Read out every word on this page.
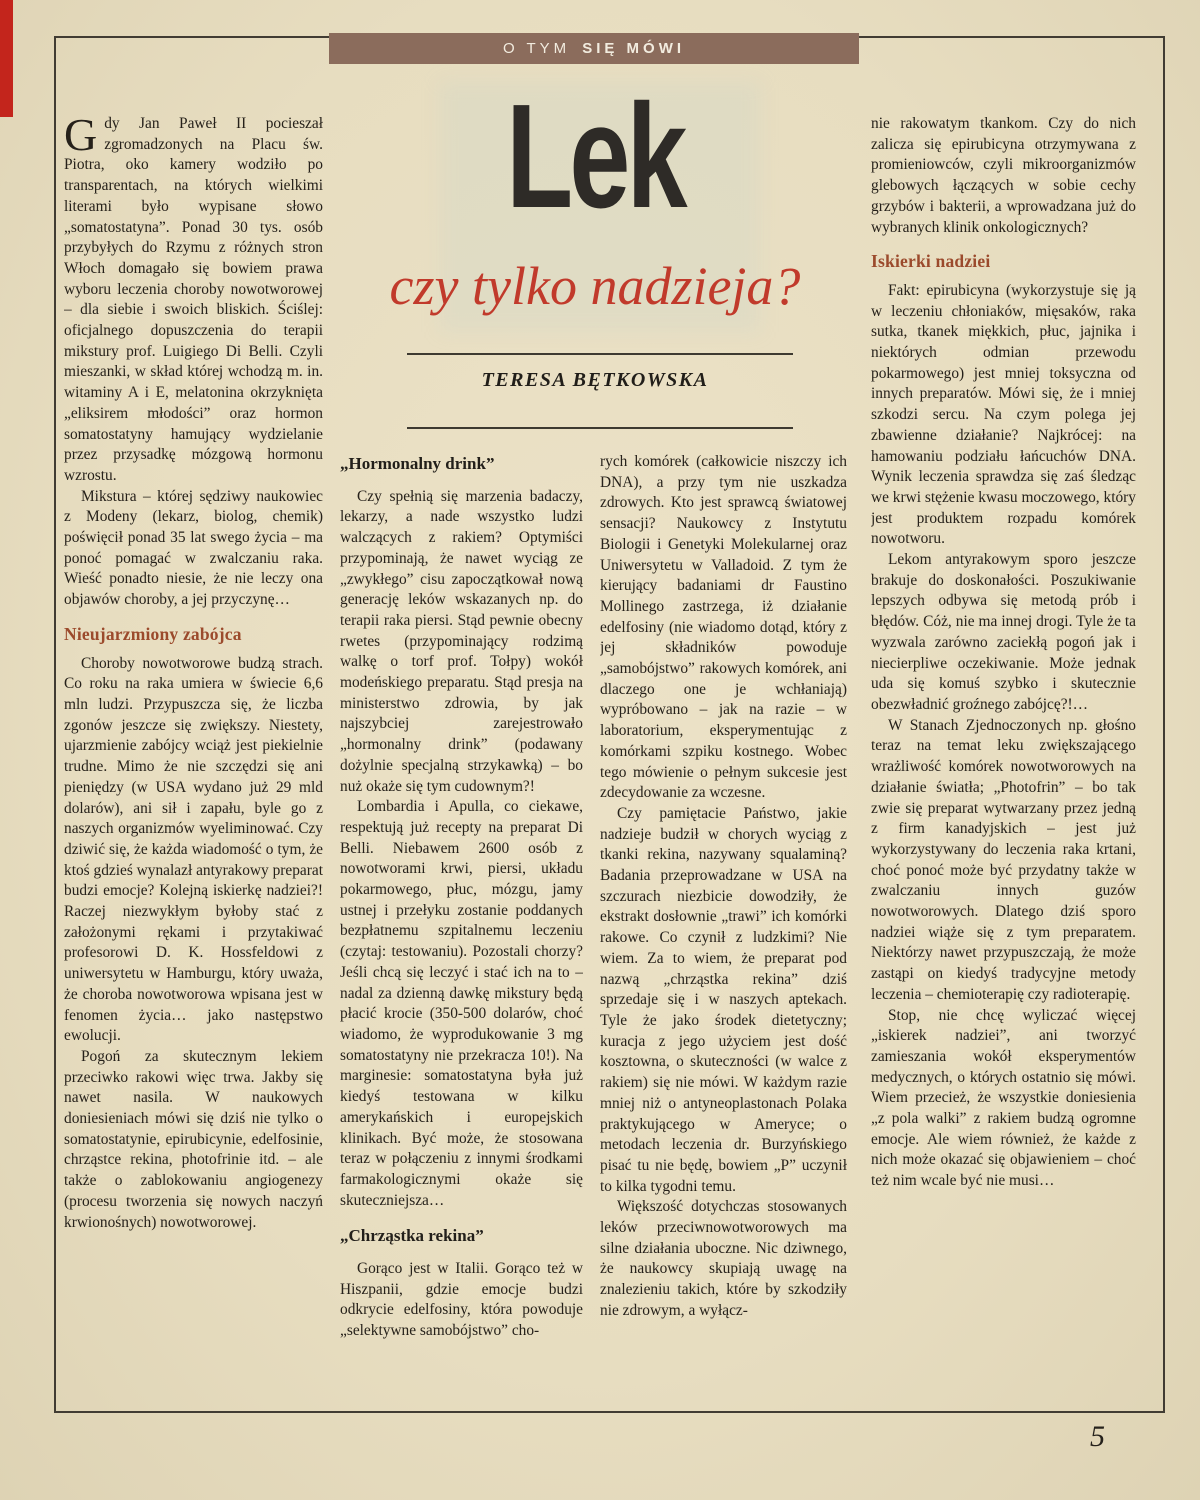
O TYM SIĘ MÓWI
Lek
czy tylko nadzieja?
TERESA BĘTKOWSKA

Gdy Jan Paweł II pocieszał zgromadzonych na Placu św. Piotra, oko kamery wodziło po transparentach, na których wielkimi literami było wypisane słowo „somatostatyna”. Ponad 30 tys. osób przybyłych do Rzymu z różnych stron Włoch domagało się bowiem prawa wyboru leczenia choroby nowotworowej – dla siebie i swoich bliskich. Ściślej: oficjalnego dopuszczenia do terapii mikstury prof. Luigiego Di Belli. Czyli mieszanki, w skład której wchodzą m. in. witaminy A i E, melatonina okrzyknięta „eliksirem młodości” oraz hormon somatostatyny hamujący wydzielanie przez przysadkę mózgową hormonu wzrostu.

Mikstura – której sędziwy naukowiec z Modeny (lekarz, biolog, chemik) poświęcił ponad 35 lat swego życia – ma ponoć pomagać w zwalczaniu raka. Wieść ponadto niesie, że nie leczy ona objawów choroby, a jej przyczynę…

Nieujarzmiony zabójca

Choroby nowotworowe budzą strach. Co roku na raka umiera w świecie 6,6 mln ludzi. Przypuszcza się, że liczba zgonów jeszcze się zwiększy. Niestety, ujarzmienie zabójcy wciąż jest piekielnie trudne. Mimo że nie szczędzi się ani pieniędzy (w USA wydano już 29 mld dolarów), ani sił i zapału, byle go z naszych organizmów wyeliminować. Czy dziwić się, że każda wiadomość o tym, że ktoś gdzieś wynalazł antyrakowy preparat budzi emocje? Kolejną iskierkę nadziei?! Raczej niezwykłym byłoby stać z założonymi rękami i przytakiwać profesorowi D. K. Hossfeldowi z uniwersytetu w Hamburgu, który uważa, że choroba nowotworowa wpisana jest w fenomen życia… jako następstwo ewolucji.

Pogoń za skutecznym lekiem przeciwko rakowi więc trwa. Jakby się nawet nasila. W naukowych doniesieniach mówi się dziś nie tylko o somatostatynie, epirubicynie, edelfosinie, chrząstce rekina, photofrinie itd. – ale także o zablokowaniu angiogenezy (procesu tworzenia się nowych naczyń krwionośnych) nowotworowej.

„Hormonalny drink”

Czy spełnią się marzenia badaczy, lekarzy, a nade wszystko ludzi walczących z rakiem? Optymiści przypominają, że nawet wyciąg ze „zwykłego” cisu zapoczątkował nową generację leków wskazanych np. do terapii raka piersi. Stąd pewnie obecny rwetes (przypominający rodzimą walkę o torf prof. Tołpy) wokół modeńskiego preparatu. Stąd presja na ministerstwo zdrowia, by jak najszybciej zarejestrowało „hormonalny drink” (podawany dożylnie specjalną strzykawką) – bo nuż okaże się tym cudownym?!

Lombardia i Apulla, co ciekawe, respektują już recepty na preparat Di Belli. Niebawem 2600 osób z nowotworami krwi, piersi, układu pokarmowego, płuc, mózgu, jamy ustnej i przełyku zostanie poddanych bezpłatnemu szpitalnemu leczeniu (czytaj: testowaniu). Pozostali chorzy? Jeśli chcą się leczyć i stać ich na to – nadal za dzienną dawkę mikstury będą płacić krocie (350-500 dolarów, choć wiadomo, że wyprodukowanie 3 mg somatostatyny nie przekracza 10!). Na marginesie: somatostatyna była już kiedyś testowana w kilku amerykańskich i europejskich klinikach. Być może, że stosowana teraz w połączeniu z innymi środkami farmakologicznymi okaże się skuteczniejsza…

„Chrząstka rekina”

Gorąco jest w Italii. Gorąco też w Hiszpanii, gdzie emocje budzi odkrycie edelfosiny, która powoduje „selektywne samobójstwo” cho-

rych komórek (całkowicie niszczy ich DNA), a przy tym nie uszkadza zdrowych. Kto jest sprawcą światowej sensacji? Naukowcy z Instytutu Biologii i Genetyki Molekularnej oraz Uniwersytetu w Valladoid. Z tym że kierujący badaniami dr Faustino Mollinego zastrzega, iż działanie edelfosiny (nie wiadomo dotąd, który z jej składników powoduje „samobójstwo” rakowych komórek, ani dlaczego one je wchłaniają) wypróbowano – jak na razie – w laboratorium, eksperymentując z komórkami szpiku kostnego. Wobec tego mówienie o pełnym sukcesie jest zdecydowanie za wczesne.

Czy pamiętacie Państwo, jakie nadzieje budził w chorych wyciąg z tkanki rekina, nazywany squalaminą? Badania przeprowadzane w USA na szczurach niezbicie dowodziły, że ekstrakt dosłownie „trawi” ich komórki rakowe. Co czynił z ludzkimi? Nie wiem. Za to wiem, że preparat pod nazwą „chrząstka rekina” dziś sprzedaje się i w naszych aptekach. Tyle że jako środek dietetyczny; kuracja z jego użyciem jest dość kosztowna, o skuteczności (w walce z rakiem) się nie mówi. W każdym razie mniej niż o antyneoplastonach Polaka praktykującego w Ameryce; o metodach leczenia dr. Burzyńskiego pisać tu nie będę, bowiem „P” uczynił to kilka tygodni temu.

Większość dotychczas stosowanych leków przeciwnowotworowych ma silne działania uboczne. Nic dziwnego, że naukowcy skupiają uwagę na znalezieniu takich, które by szkodziły nie zdrowym, a wyłącz-

nie rakowatym tkankom. Czy do nich zalicza się epirubicyna otrzymywana z promieniowców, czyli mikroorganizmów glebowych łączących w sobie cechy grzybów i bakterii, a wprowadzana już do wybranych klinik onkologicznych?

Iskierki nadziei

Fakt: epirubicyna (wykorzystuje się ją w leczeniu chłoniaków, mięsaków, raka sutka, tkanek miękkich, płuc, jajnika i niektórych odmian przewodu pokarmowego) jest mniej toksyczna od innych preparatów. Mówi się, że i mniej szkodzi sercu. Na czym polega jej zbawienne działanie? Najkrócej: na hamowaniu podziału łańcuchów DNA. Wynik leczenia sprawdza się zaś śledząc we krwi stężenie kwasu moczowego, który jest produktem rozpadu komórek nowotworu.

Lekom antyrakowym sporo jeszcze brakuje do doskonałości. Poszukiwanie lepszych odbywa się metodą prób i błędów. Cóż, nie ma innej drogi. Tyle że ta wyzwala zarówno zaciekłą pogoń jak i niecierpliwe oczekiwanie. Może jednak uda się komuś szybko i skutecznie obezwładnić groźnego zabójcę?!…

W Stanach Zjednoczonych np. głośno teraz na temat leku zwiększającego wrażliwość komórek nowotworowych na działanie światła; „Photofrin” – bo tak zwie się preparat wytwarzany przez jedną z firm kanadyjskich – jest już wykorzystywany do leczenia raka krtani, choć ponoć może być przydatny także w zwalczaniu innych guzów nowotworowych. Dlatego dziś sporo nadziei wiąże się z tym preparatem. Niektórzy nawet przypuszczają, że może zastąpi on kiedyś tradycyjne metody leczenia – chemioterapię czy radioterapię.

Stop, nie chcę wyliczać więcej „iskierek nadziei”, ani tworzyć zamieszania wokół eksperymentów medycznych, o których ostatnio się mówi. Wiem przecież, że wszystkie doniesienia „z pola walki” z rakiem budzą ogromne emocje. Ale wiem również, że każde z nich może okazać się objawieniem – choć też nim wcale być nie musi…

5
